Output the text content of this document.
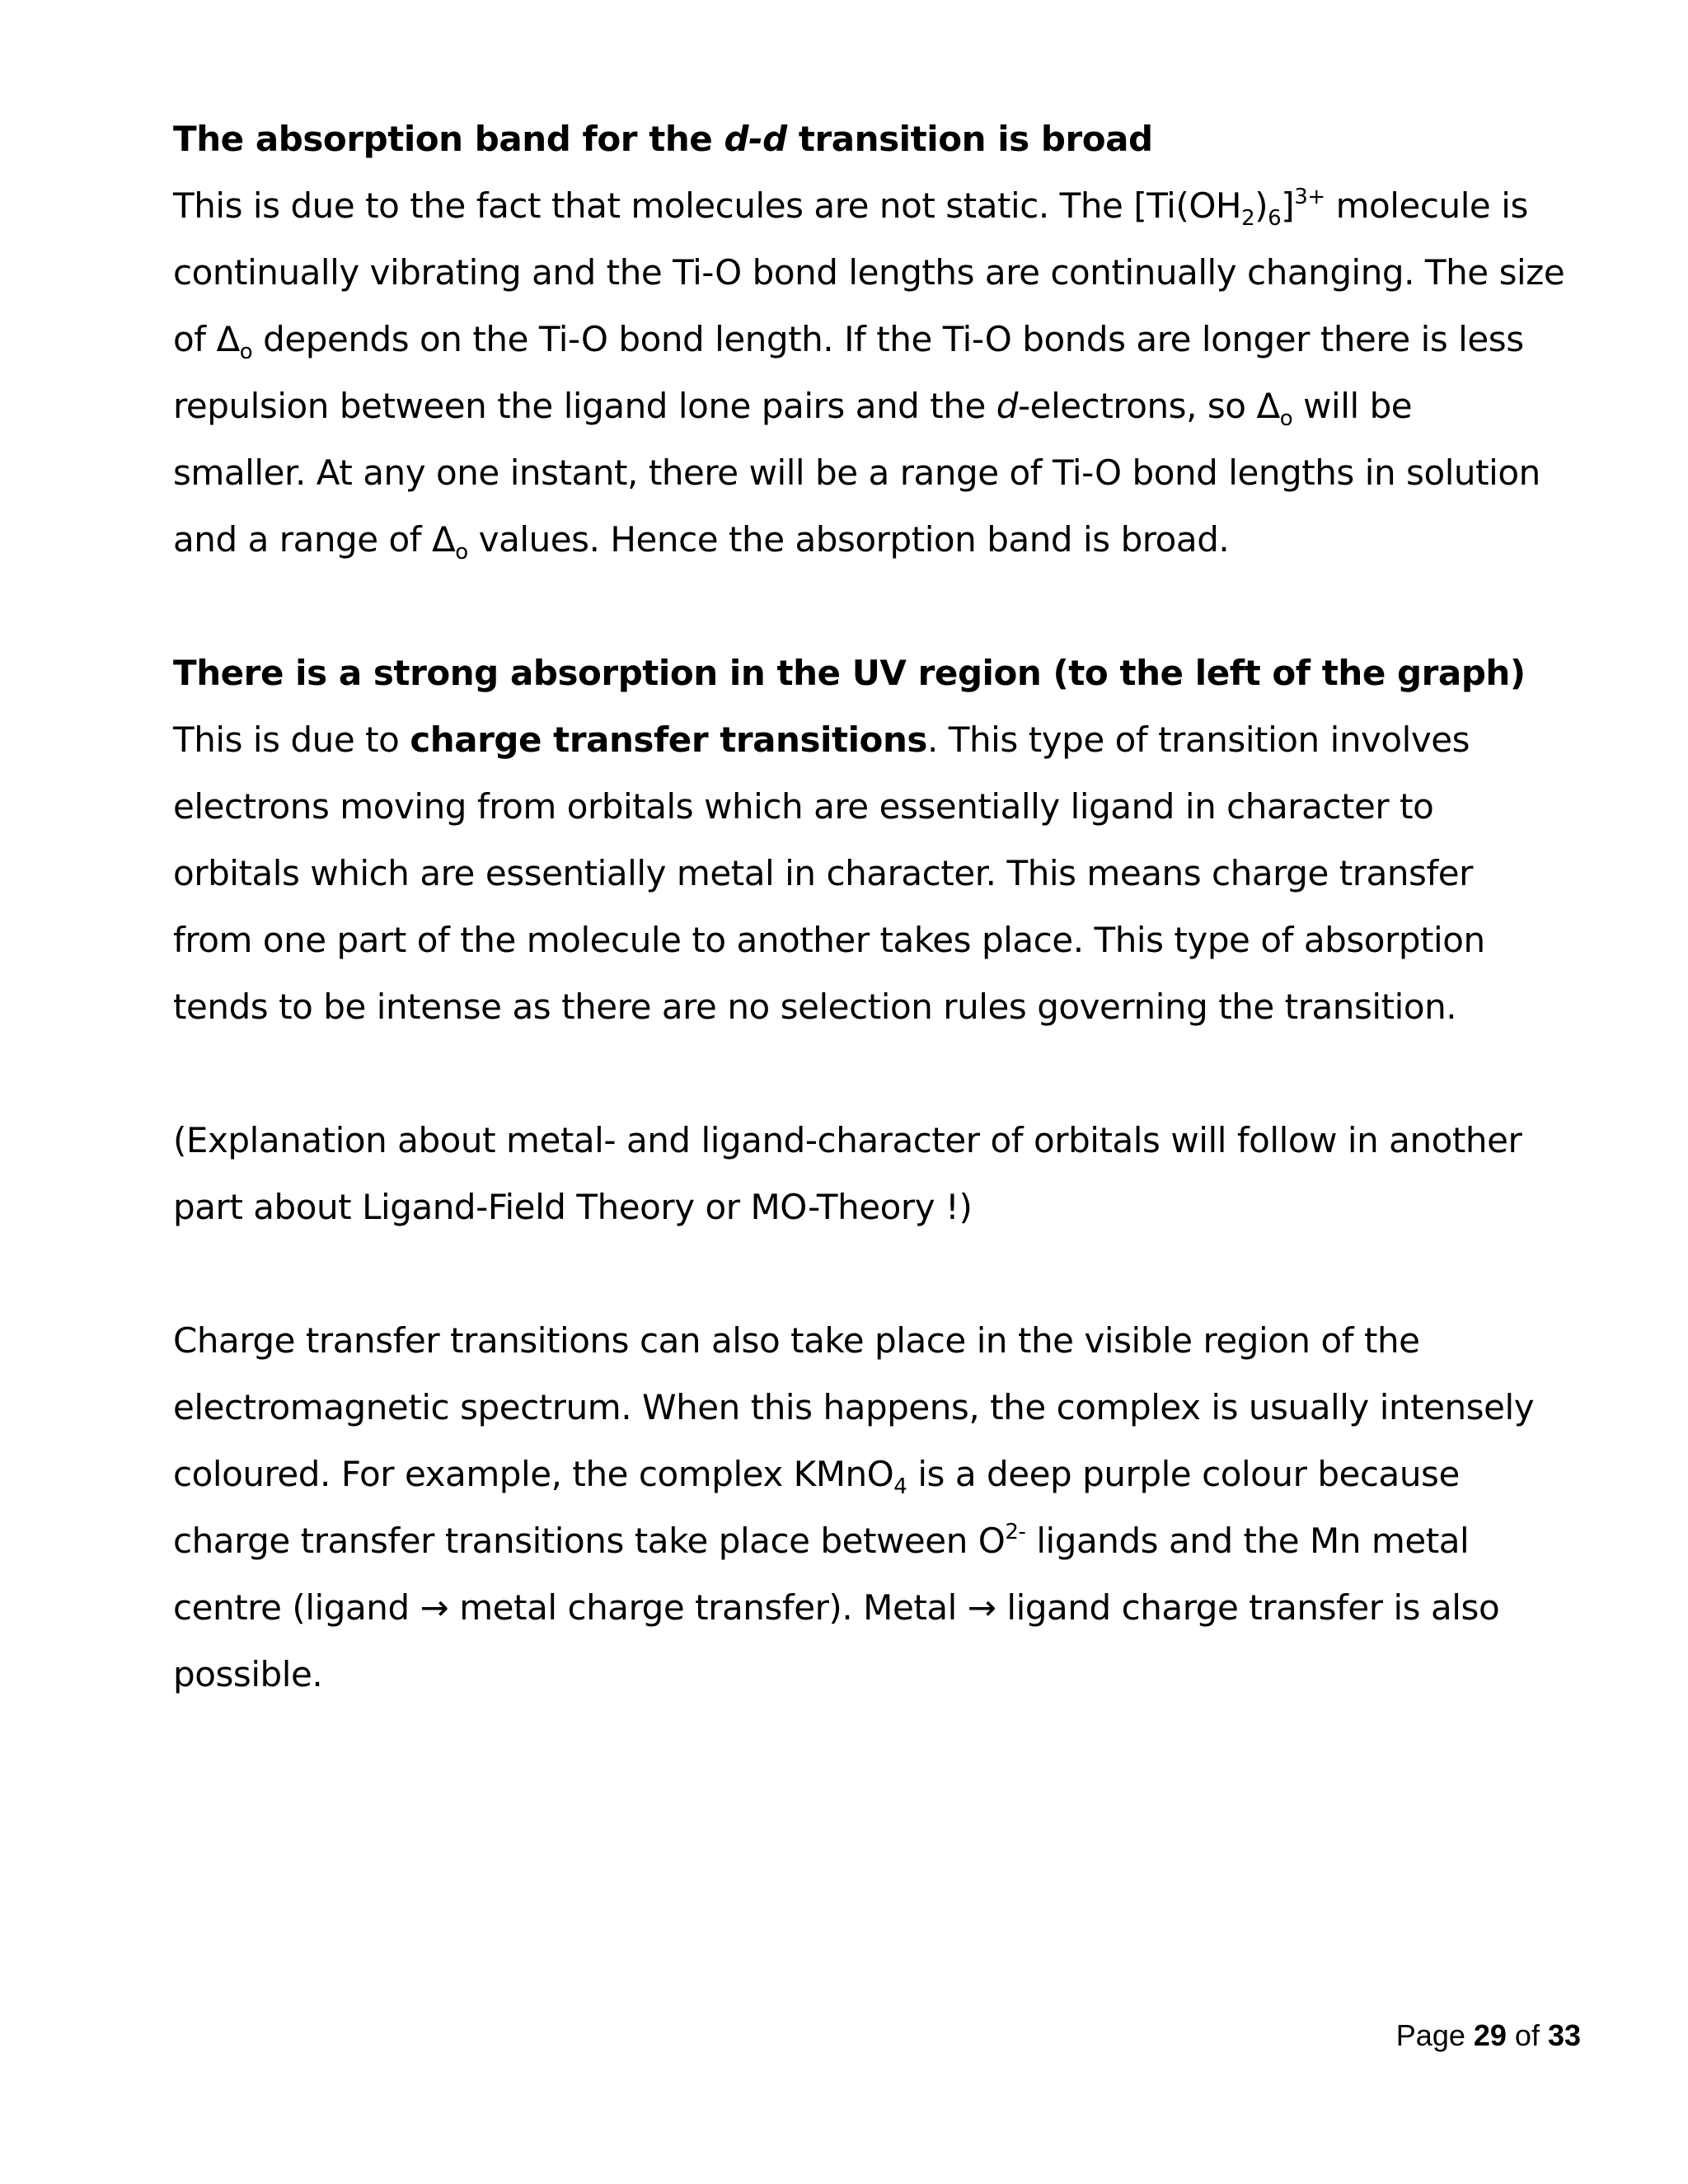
The absorption band for the d-d transition is broad
This is due to the fact that molecules are not static. The $[Ti(OH_2)_6]^{3+}$ molecule is
continually vibrating and the Ti-O bond lengths are continually changing. The size
of $\Delta_o$ depends on the Ti-O bond length. If the Ti-O bonds are longer there is less
repulsion between the ligand lone pairs and the d-electrons, so $\Delta_o$ will be
smaller. At any one instant, there will be a range of Ti-O bond lengths in solution
and a range of $\Delta_o$ values. Hence the absorption band is broad.
There is a strong absorption in the UV region (to the left of the graph)
This is due to charge transfer transitions. This type of transition involves
electrons moving from orbitals which are essentially ligand in character to
orbitals which are essentially metal in character. This means charge transfer
from one part of the molecule to another takes place. This type of absorption
tends to be intense as there are no selection rules governing the transition.
(Explanation about metal- and ligand-character of orbitals will follow in another
part about Ligand-Field Theory or MO-Theory !)
Charge transfer transitions can also take place in the visible region of the
electromagnetic spectrum. When this happens, the complex is usually intensely
coloured. For example, the complex KMnO$_4$ is a deep purple colour because
charge transfer transitions take place between $O^{2-}$ ligands and the Mn metal
centre (ligand → metal charge transfer). Metal → ligand charge transfer is also
possible.
Page 29 of 33
